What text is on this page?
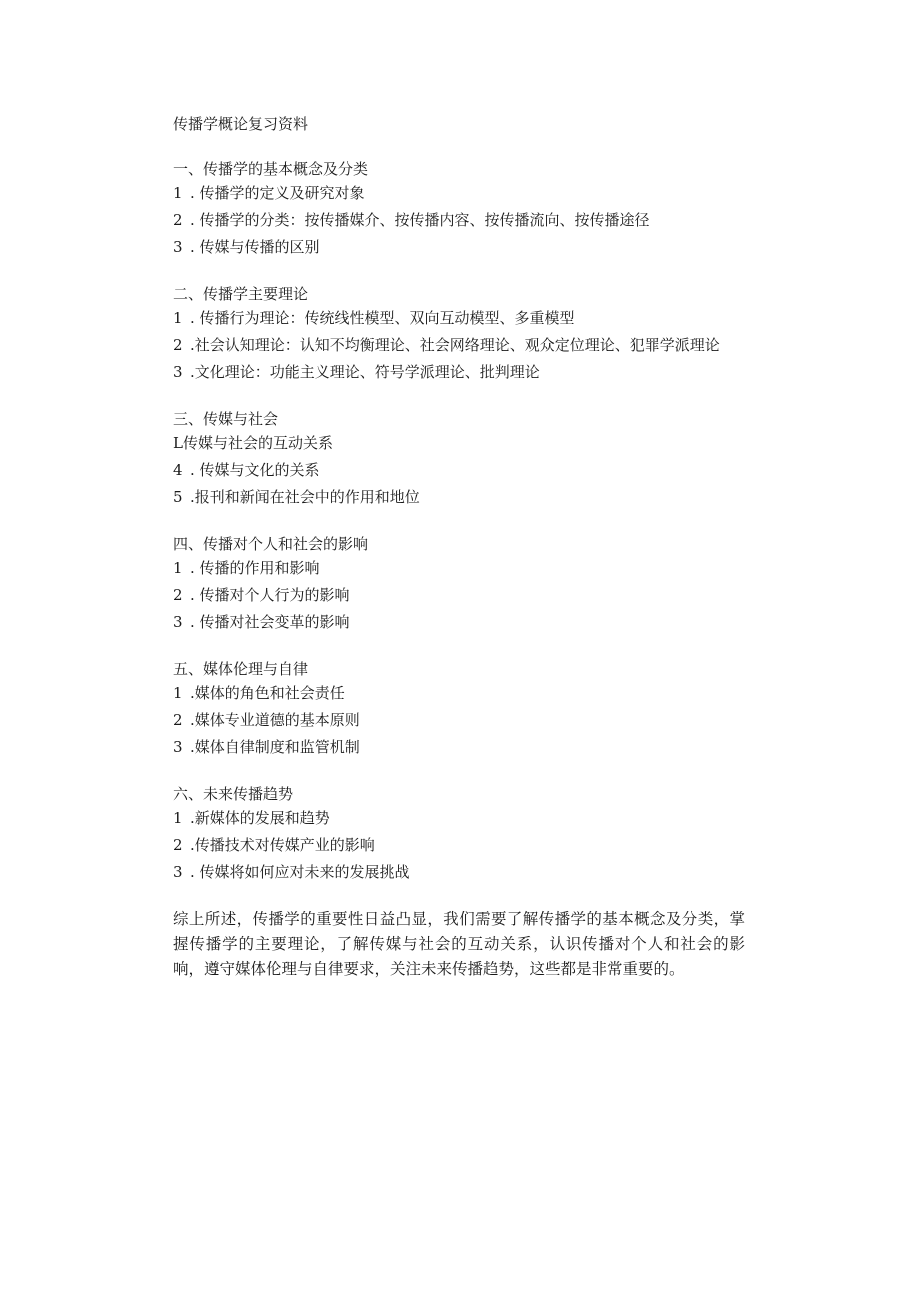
传播学概论复习资料
一、传播学的基本概念及分类
1 . 传播学的定义及研究对象
2 . 传播学的分类：按传播媒介、按传播内容、按传播流向、按传播途径
3 . 传媒与传播的区别
二、传播学主要理论
1 . 传播行为理论：传统线性模型、双向互动模型、多重模型
2 .社会认知理论：认知不均衡理论、社会网络理论、观众定位理论、犯罪学派理论
3 .文化理论：功能主义理论、符号学派理论、批判理论
三、传媒与社会
L传媒与社会的互动关系
4 . 传媒与文化的关系
5 .报刊和新闻在社会中的作用和地位
四、传播对个人和社会的影响
1 . 传播的作用和影响
2 . 传播对个人行为的影响
3 . 传播对社会变革的影响
五、媒体伦理与自律
1 .媒体的角色和社会责任
2 .媒体专业道德的基本原则
3 .媒体自律制度和监管机制
六、未来传播趋势
1 .新媒体的发展和趋势
2 .传播技术对传媒产业的影响
3 . 传媒将如何应对未来的发展挑战
综上所述，传播学的重要性日益凸显，我们需要了解传播学的基本概念及分类，掌握传播学的主要理论，了解传媒与社会的互动关系，认识传播对个人和社会的影响，遵守媒体伦理与自律要求，关注未来传播趋势，这些都是非常重要的。
